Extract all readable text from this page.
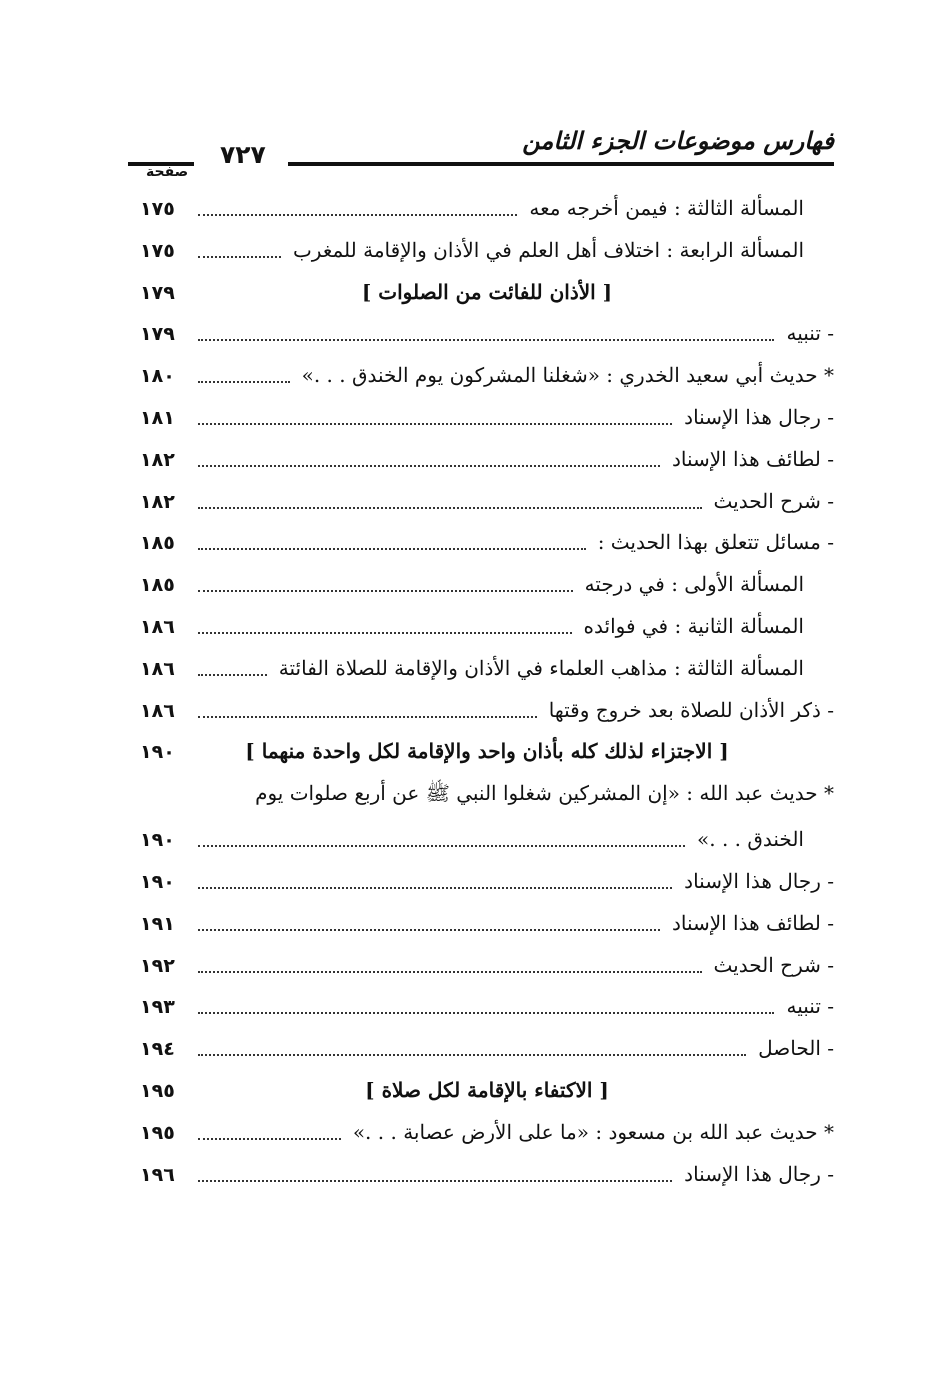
فهارس موضوعات الجزء الثامن
٧٢٧
صفحة
المسألة الثالثة : فيمن أخرجه معه
١٧٥
المسألة الرابعة : اختلاف أهل العلم في الأذان والإقامة للمغرب
١٧٥
[ الأذان للفائت من الصلوات ]
١٧٩
- تنبيه
١٧٩
* حديث أبي سعيد الخدري : «شغلنا المشركون يوم الخندق . . .»
١٨٠
- رجال هذا الإسناد
١٨١
- لطائف هذا الإسناد
١٨٢
- شرح الحديث
١٨٢
- مسائل تتعلق بهذا الحديث :
١٨٥
المسألة الأولى : في درجته
١٨٥
المسألة الثانية : في فوائده
١٨٦
المسألة الثالثة : مذاهب العلماء في الأذان والإقامة للصلاة الفائتة
١٨٦
- ذكر الأذان للصلاة بعد خروج وقتها
١٨٦
[ الاجتزاء لذلك كله بأذان واحد والإقامة لكل واحدة منهما ]
١٩٠
* حديث عبد الله : «إن المشركين شغلوا النبي ﷺ عن أربع صلوات يوم
الخندق . . .»
١٩٠
- رجال هذا الإسناد
١٩٠
- لطائف هذا الإسناد
١٩١
- شرح الحديث
١٩٢
- تنبيه
١٩٣
- الحاصل
١٩٤
[ الاكتفاء بالإقامة لكل صلاة ]
١٩٥
* حديث عبد الله بن مسعود : «ما على الأرض عصابة . . .»
١٩٥
- رجال هذا الإسناد
١٩٦
